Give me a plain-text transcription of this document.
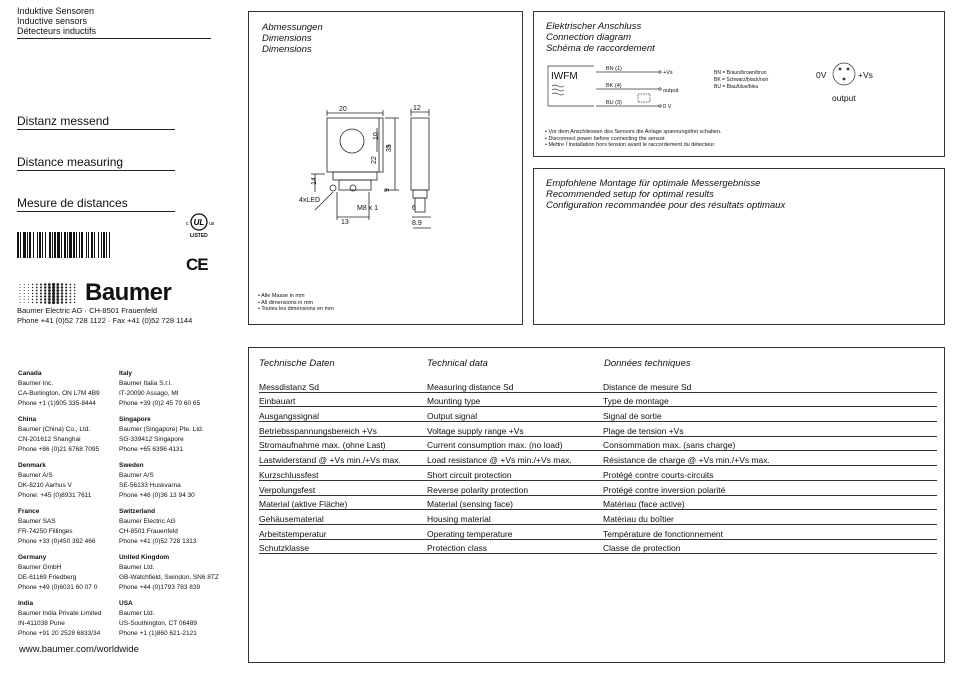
Induktive Sensoren
Inductive sensors
Détecteurs inductifs
Distanz messend
Distance measuring
Mesure de distances
UL
c	us
LISTED
CE
Baumer
Baumer Electric AG · CH-8501 Frauenfeld
Phone +41 (0)52 728 1122 · Fax +41 (0)52 728 1144
Canada
Baumer Inc.
CA-Burlington, ON L7M 4B9
Phone +1 (1)905 335-8444
Italy
Baumer Italia S.r.l.
IT-20090 Assago, MI
Phone +39 (0)2 45 70 60 65
China
Baumer (China) Co., Ltd.
CN-201612 Shanghai
Phone +86 (0)21 6768 7095
Singapore
Baumer (Singapore) Pte. Ltd.
SG-339412 Singapore
Phone +65 6396 4131
Denmark
Baumer A/S
DK-8210 Aarhus V
Phone: +45 (0)8931 7611
Sweden
Baumer A/S
SE-56133 Huskvarna
Phone +46 (0)36 13 94 30
France
Baumer SAS
FR-74250 Fillinges
Phone +33 (0)450 392 466
Switzerland
Baumer Electric AG
CH-8501 Frauenfeld
Phone +41 (0)52 728 1313
Germany
Baumer GmbH
DE-61169 Friedberg
Phone +49 (0)6031 60 07 0
United Kingdom
Baumer Ltd.
GB-Watchfield, Swindon, SN6 8TZ
Phone +44 (0)1793 783 839
India
Baumer India Private Limited
IN-411038 Pune
Phone +91 20 2528 6833/34
USA
Baumer Ltd.
US-Southington, CT 06489
Phone +1 (1)860 621-2121
www.baumer.com/worldwide
Abmessungen
Dimensions
Dimensions
20	12
10
35
22
9
14
13
6
8.9
4xLED
M8 x 1
• Alle Masse in mm
• All dimensions in mm
• Toutes les dimensions en mm
Elektrischer Anschluss
Connection diagram
Schéma de raccordement
IWFM
BN (1)
BK (4)
BU (3)
+Vs
output
0 V
BN = Braun/brown/brun
BK = Schwarz/black/noir
BU = Blau/blue/bleu
0V	+Vs
output
• Vor dem Anschliessen des Sensors die Anlage spannungsfrei schalten.
• Disconnect power before connecting the sensor.
• Mettre l´installation hors tension avant le raccordement du détecteur.
Empfohlene Montage für optimale Messergebnisse
Recommended setup for optimal results
Configuration recommandée pour des résultats optimaux
Technische Daten	Technical data	Données techniques
Messdistanz Sd	Measuring distance Sd	Distance de mesure Sd	
Einbauart	Mounting type	Type de montage	
Ausgangssignal	Output signal	Signal de sortie	
Betriebsspannungsbereich +Vs	Voltage supply range +Vs	Plage de tension +Vs	
Stromaufnahme max. (ohne Last)	Current consumption max. (no load)	Consommation max. (sans charge)	
Lastwiderstand @ +Vs min./+Vs max.	Load resistance @ +Vs min./+Vs max.	Résistance de charge @ +Vs min./+Vs max.	
Kurzschlussfest	Short circuit protection	Protégé contre courts-circuits	
Verpolungsfest	Reverse polarity protection	Protégé contre inversion polarité	
Material (aktive Fläche)	Material (sensing face)	Matériau (face active)	
Gehäusematerial	Housing material	Matériau du boîtier	
Arbeitstemperatur	Operating temperature	Température de fonctionnement	
Schutzklasse	Protection class	Classe de protection	
